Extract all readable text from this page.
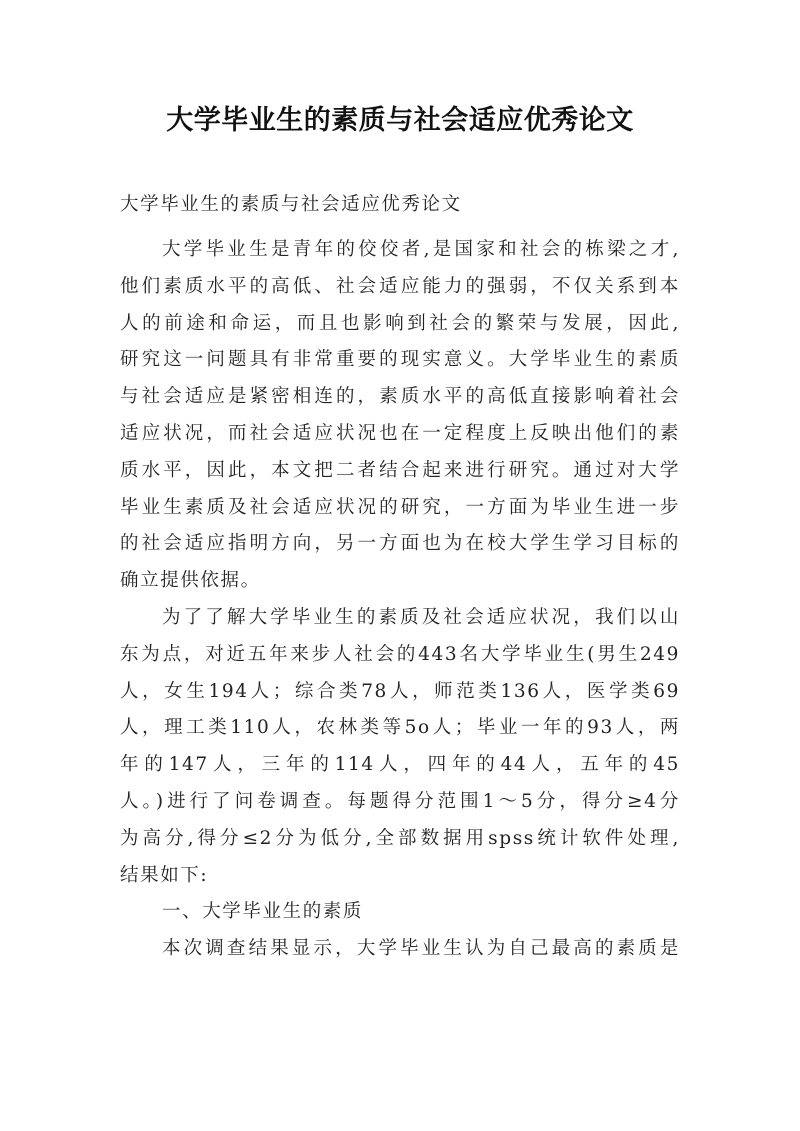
大学毕业生的素质与社会适应优秀论文

大学毕业生的素质与社会适应优秀论文

大学毕业生是青年的佼佼者,是国家和社会的栋梁之才,
他们素质水平的高低、社会适应能力的强弱，不仅关系到本
人的前途和命运，而且也影响到社会的繁荣与发展，因此,
研究这一问题具有非常重要的现实意义。大学毕业生的素质
与社会适应是紧密相连的，素质水平的高低直接影响着社会
适应状况，而社会适应状况也在一定程度上反映出他们的素
质水平，因此，本文把二者结合起来进行研究。通过对大学
毕业生素质及社会适应状况的研究，一方面为毕业生进一步
的社会适应指明方向，另一方面也为在校大学生学习目标的
确立提供依据。
为了了解大学毕业生的素质及社会适应状况，我们以山
东为点，对近五年来步人社会的443名大学毕业生(男生249
人，女生194人；综合类78人，师范类136人，医学类69
人，理工类110人，农林类等5o人；毕业一年的93人，两
年的147人，三年的114人，四年的44人，五年的45
人。)进行了问卷调查。每题得分范围1～5分，得分≥4分
为高分,得分≤2分为低分,全部数据用spss统计软件处理,
结果如下:
一、大学毕业生的素质
本次调查结果显示，大学毕业生认为自己最高的素质是
